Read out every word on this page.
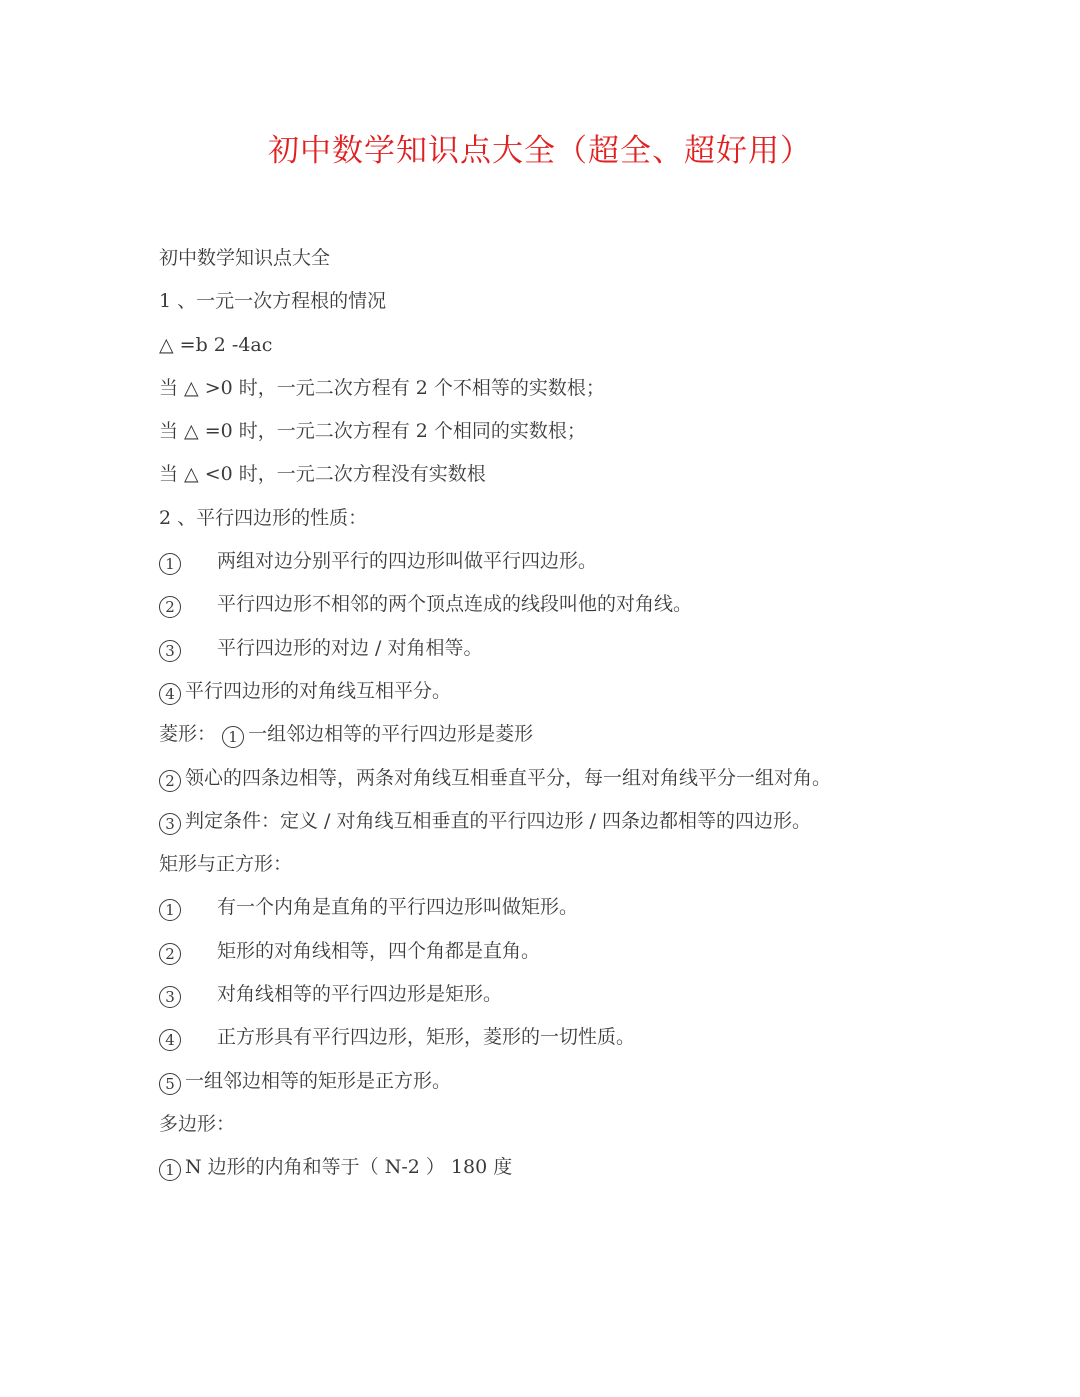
初中数学知识点大全（超全、超好用）
初中数学知识点大全
1 、一元一次方程根的情况
△ =b 2 -4ac
当 △ >0 时，一元二次方程有 2 个不相等的实数根；
当 △ =0 时，一元二次方程有 2 个相同的实数根；
当 △ <0 时，一元二次方程没有实数根
2 、平行四边形的性质：
1 两组对边分别平行的四边形叫做平行四边形。
2 平行四边形不相邻的两个顶点连成的线段叫他的对角线。
3 平行四边形的对边 / 对角相等。
4 平行四边形的对角线互相平分。
菱形： 1 一组邻边相等的平行四边形是菱形
2 领心的四条边相等，两条对角线互相垂直平分，每一组对角线平分一组对角。
3 判定条件：定义 / 对角线互相垂直的平行四边形 / 四条边都相等的四边形。
矩形与正方形：
1 有一个内角是直角的平行四边形叫做矩形。
2 矩形的对角线相等，四个角都是直角。
3 对角线相等的平行四边形是矩形。
4 正方形具有平行四边形，矩形，菱形的一切性质。
5 一组邻边相等的矩形是正方形。
多边形：
1 N 边形的内角和等于（ N-2 ） 180 度
